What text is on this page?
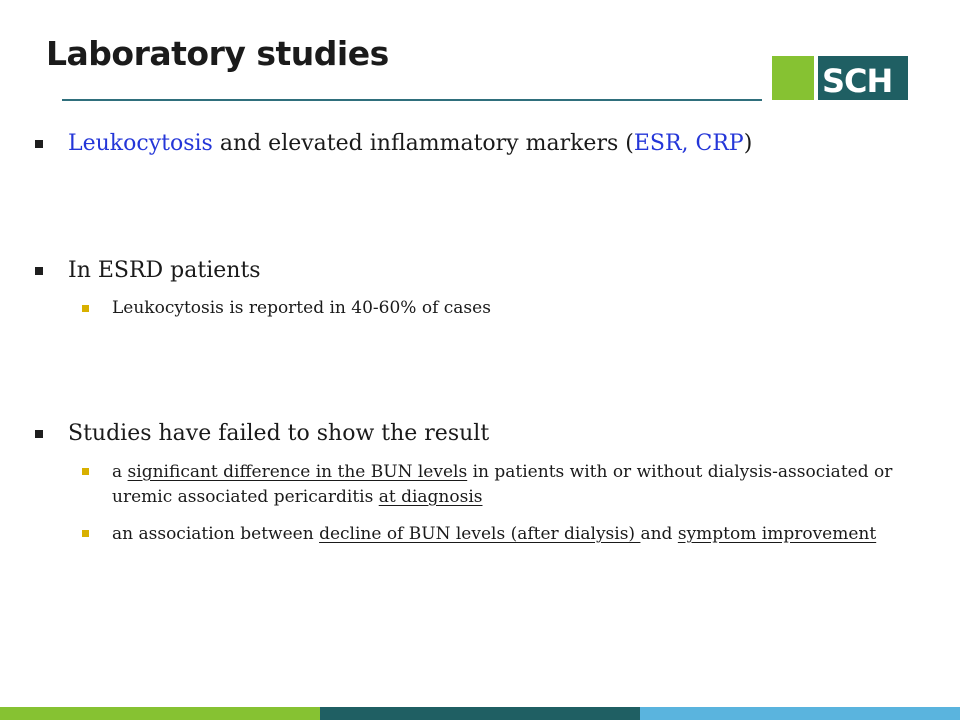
Laboratory studies
SCH
Leukocytosis and elevated inflammatory markers (ESR, CRP)
In ESRD patients
Leukocytosis is reported in 40-60% of cases
Studies have failed to show the result
a significant difference in the BUN levels in patients with or without dialysis-associated or uremic associated pericarditis at diagnosis
an association between decline of BUN levels (after dialysis) and symptom improvement
